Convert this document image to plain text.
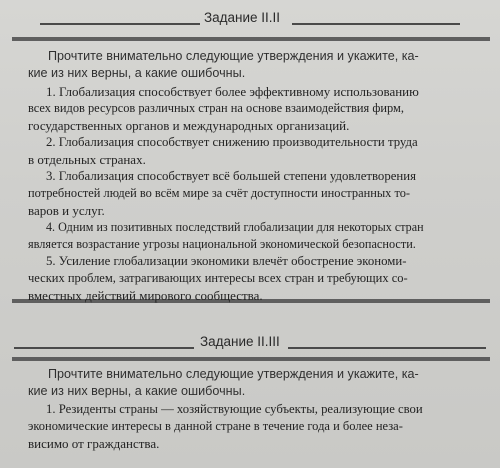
Задание II.II
Прочтите внимательно следующие утверждения и укажите, ка-
кие из них верны, а какие ошибочны.
1. Глобализация способствует более эффективному использованию
всех видов ресурсов различных стран на основе взаимодействия фирм,
государственных органов и международных организаций.
2. Глобализация способствует снижению производительности труда
в отдельных странах.
3. Глобализация способствует всё большей степени удовлетворения
потребностей людей во всём мире за счёт доступности иностранных то-
варов и услуг.
4. Одним из позитивных последствий глобализации для некоторых стран
является возрастание угрозы национальной экономической безопасности.
5. Усиление глобализации экономики влечёт обострение экономи-
ческих проблем, затрагивающих интересы всех стран и требующих со-
вместных действий мирового сообщества.
Задание II.III
Прочтите внимательно следующие утверждения и укажите, ка-
кие из них верны, а какие ошибочны.
1. Резиденты страны — хозяйствующие субъекты, реализующие свои
экономические интересы в данной стране в течение года и более неза-
висимо от гражданства.
